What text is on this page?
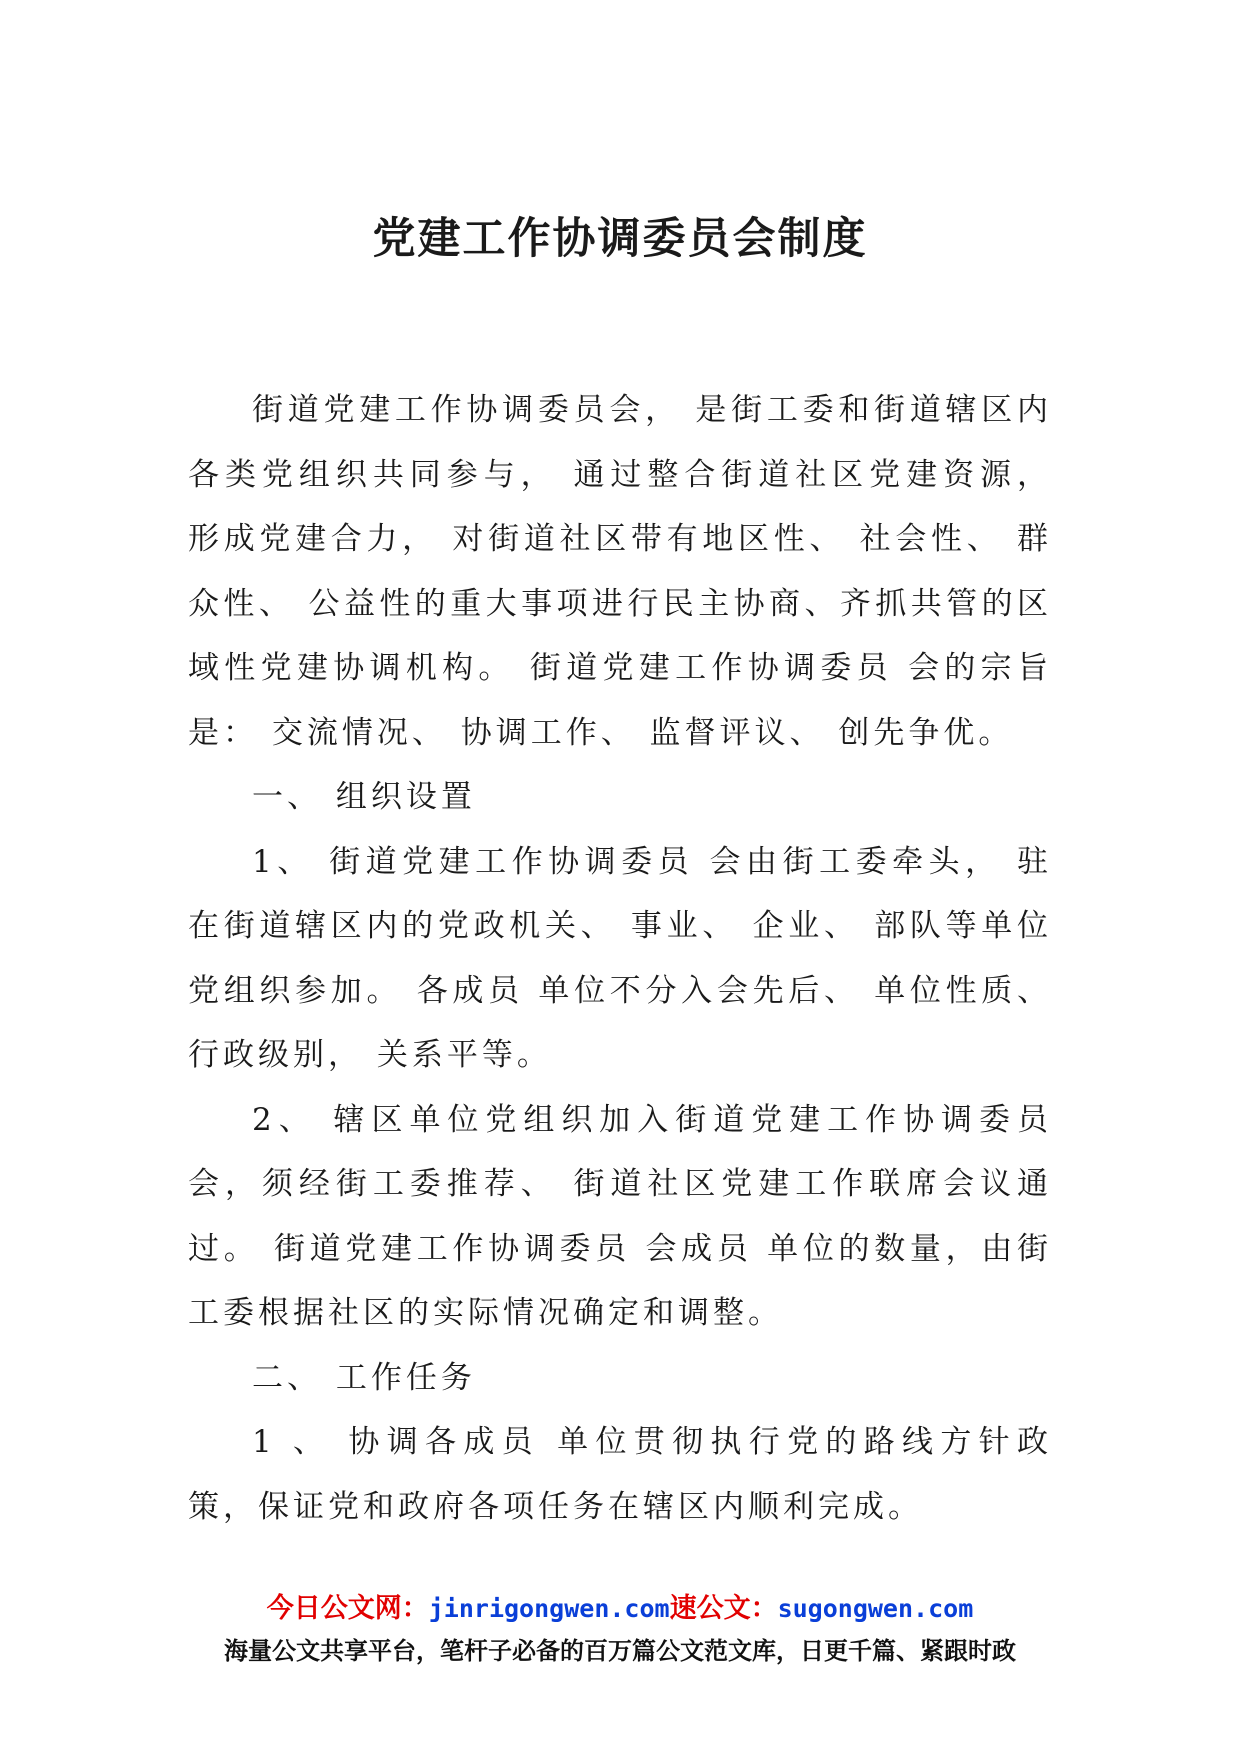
党建工作协调委员会制度

街道党建工作协调委员会， 是街工委和街道辖区内各类党组织共同参与， 通过整合街道社区党建资源， 形成党建合力， 对街道社区带有地区性、 社会性、 群众性、 公益性的重大事项进行民主协商、齐抓共管的区域性党建协调机构。 街道党建工作协调委员 会的宗旨是： 交流情况、 协调工作、 监督评议、 创先争优。

一、 组织设置

1、 街道党建工作协调委员 会由街工委牵头， 驻在街道辖区内的党政机关、 事业、 企业、 部队等单位党组织参加。 各成员 单位不分入会先后、 单位性质、 行政级别， 关系平等。

2、 辖区单位党组织加入街道党建工作协调委员会，须经街工委推荐、 街道社区党建工作联席会议通过。 街道党建工作协调委员 会成员 单位的数量，由街工委根据社区的实际情况确定和调整。

二、 工作任务

1 、 协调各成员 单位贯彻执行党的路线方针政策，保证党和政府各项任务在辖区内顺利完成。

今日公文网：jinrigongwen.com速公文：sugongwen.com
海量公文共享平台，笔杆子必备的百万篇公文范文库，日更千篇、紧跟时政
